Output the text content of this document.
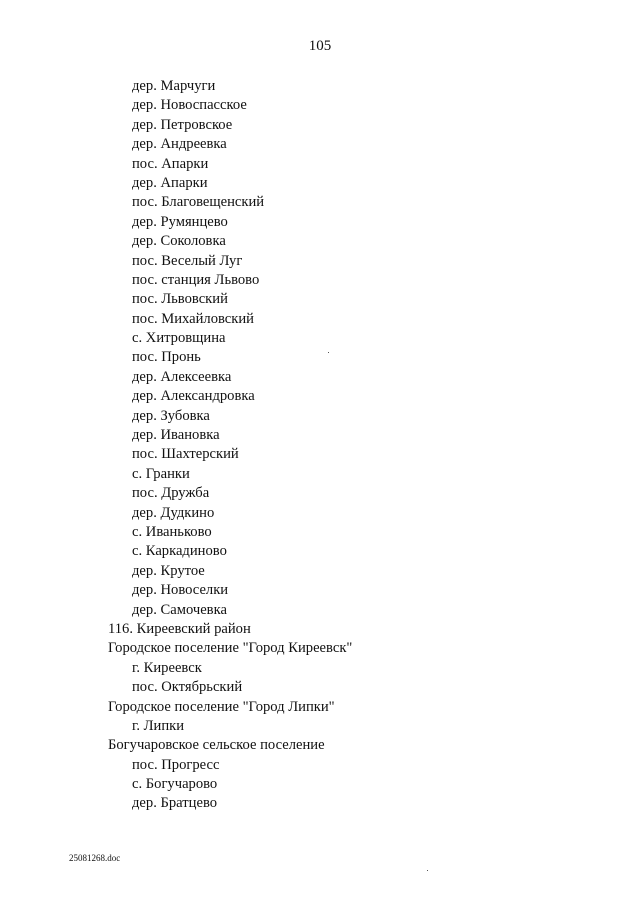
105
дер. Марчуги
дер. Новоспасское
дер. Петровское
дер. Андреевка
пос. Апарки
дер. Апарки
пос. Благовещенский
дер. Румянцево
дер. Соколовка
пос. Веселый Луг
пос. станция Львово
пос. Львовский
пос. Михайловский
с. Хитровщина
пос. Пронь
дер. Алексеевка
дер. Александровка
дер. Зубовка
дер. Ивановка
пос. Шахтерский
с. Гранки
пос. Дружба
дер. Дудкино
с. Иваньково
с. Каркадиново
дер. Крутое
дер. Новоселки
дер. Самочевка
116. Киреевский район
Городское поселение "Город Киреевск"
г. Киреевск
пос. Октябрьский
Городское поселение "Город Липки"
г. Липки
Богучаровское сельское поселение
пос. Прогресс
с. Богучарово
дер. Братцево
25081268.doc
